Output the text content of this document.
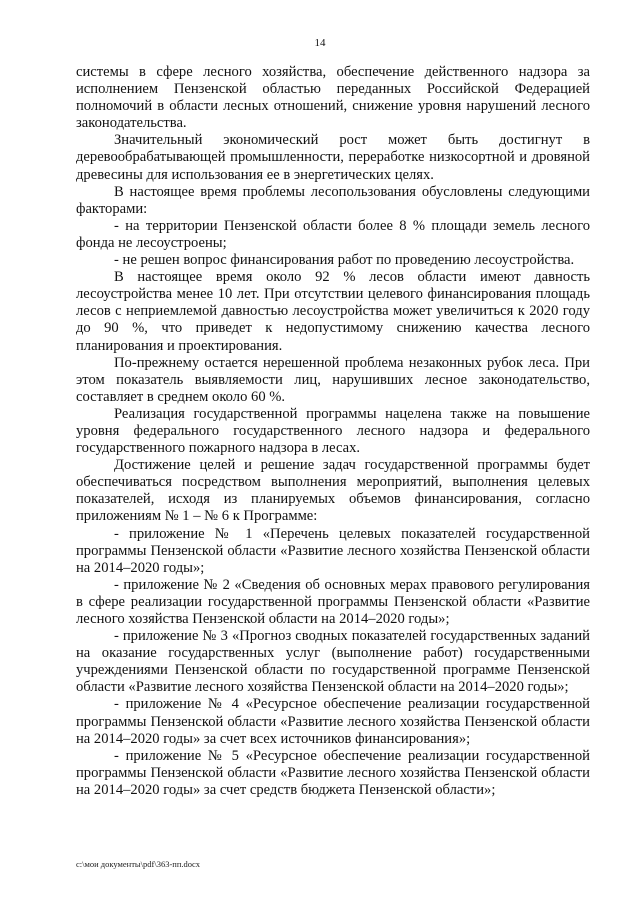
14

системы в сфере лесного хозяйства, обеспечение действенного надзора за исполнением Пензенской областью переданных Российской Федерацией полномочий в области лесных отношений, снижение уровня нарушений лесного законодательства.

Значительный экономический рост может быть достигнут в деревообрабатывающей промышленности, переработке низкосортной и дровяной древесины для использования ее в энергетических целях.

В настоящее время проблемы лесопользования обусловлены следующими факторами:

- на территории Пензенской области более 8 % площади земель лесного фонда не лесоустроены;

- не решен вопрос финансирования работ по проведению лесоустройства.

В настоящее время около 92 % лесов области имеют давность лесоустройства менее 10 лет. При отсутствии целевого финансирования площадь лесов с неприемлемой давностью лесоустройства может увеличиться к 2020 году до 90 %, что приведет к недопустимому снижению качества лесного планирования и проектирования.

По-прежнему остается нерешенной проблема незаконных рубок леса. При этом показатель выявляемости лиц, нарушивших лесное законодательство, составляет в среднем около 60 %.

Реализация государственной программы нацелена также на повышение уровня федерального государственного лесного надзора и федерального государственного пожарного надзора в лесах.

Достижение целей и решение задач государственной программы будет обеспечиваться посредством выполнения мероприятий, выполнения целевых показателей, исходя из планируемых объемов финансирования, согласно приложениям № 1 – № 6 к Программе:

- приложение № 1 «Перечень целевых показателей государственной программы Пензенской области «Развитие лесного хозяйства Пензенской области на 2014–2020 годы»;

- приложение № 2 «Сведения об основных мерах правового регулирования в сфере реализации государственной программы Пензенской области «Развитие лесного хозяйства Пензенской области на 2014–2020 годы»;

- приложение № 3 «Прогноз сводных показателей государственных заданий на оказание государственных услуг (выполнение работ) государственными учреждениями Пензенской области по государственной программе Пензенской области «Развитие лесного хозяйства Пензенской области на 2014–2020 годы»;

- приложение № 4 «Ресурсное обеспечение реализации государственной программы Пензенской области «Развитие лесного хозяйства Пензенской области на 2014–2020 годы» за счет всех источников финансирования»;

- приложение № 5 «Ресурсное обеспечение реализации государственной программы Пензенской области «Развитие лесного хозяйства Пензенской области на 2014–2020 годы» за счет средств бюджета Пензенской области»;

c:\мои документы\pdf\363-пп.docx
